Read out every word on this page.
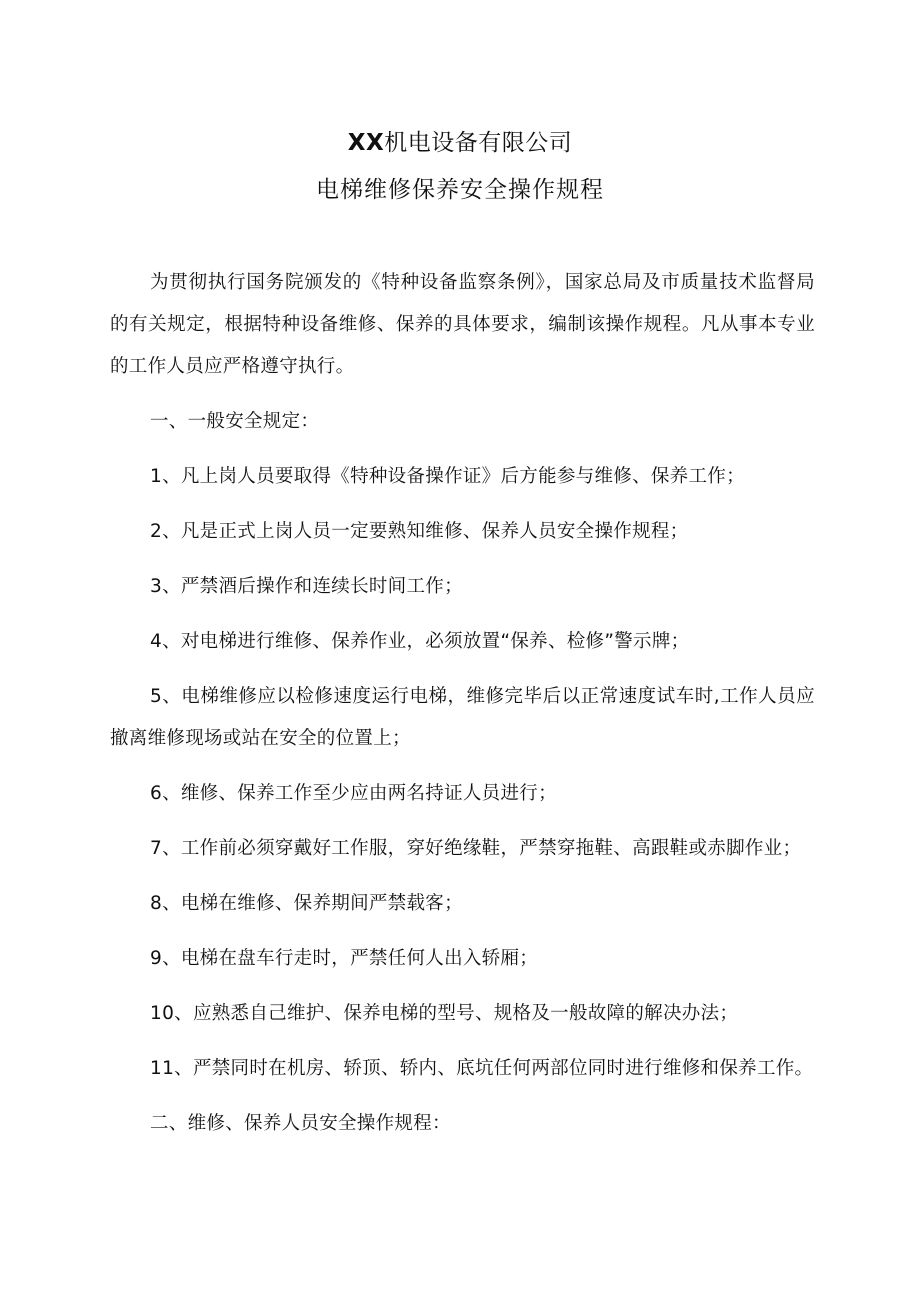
XX机电设备有限公司
电梯维修保养安全操作规程

为贯彻执行国务院颁发的《特种设备监察条例》，国家总局及市质量技术监督局的有关规定，根据特种设备维修、保养的具体要求，编制该操作规程。凡从事本专业的工作人员应严格遵守执行。

一、一般安全规定：

1、凡上岗人员要取得《特种设备操作证》后方能参与维修、保养工作；

2、凡是正式上岗人员一定要熟知维修、保养人员安全操作规程；

3、严禁酒后操作和连续长时间工作；

4、对电梯进行维修、保养作业，必须放置“保养、检修”警示牌；

5、电梯维修应以检修速度运行电梯，维修完毕后以正常速度试车时,工作人员应撤离维修现场或站在安全的位置上；

6、维修、保养工作至少应由两名持证人员进行；

7、工作前必须穿戴好工作服，穿好绝缘鞋，严禁穿拖鞋、高跟鞋或赤脚作业；

8、电梯在维修、保养期间严禁载客；

9、电梯在盘车行走时，严禁任何人出入轿厢；

10、应熟悉自己维护、保养电梯的型号、规格及一般故障的解决办法；

11、严禁同时在机房、轿顶、轿内、底坑任何两部位同时进行维修和保养工作。

二、维修、保养人员安全操作规程：
